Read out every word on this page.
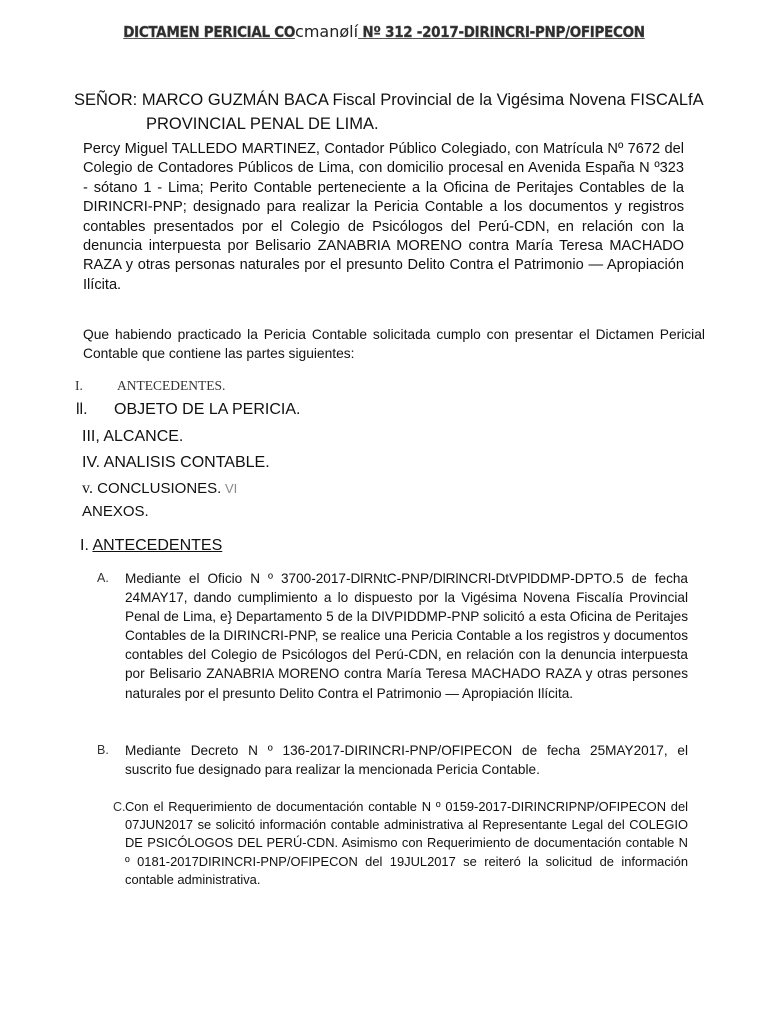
DICTAMEN PERICIAL COcmanølí Nº 312 -2017-DIRINCRI-PNP/OFIPECON
SEÑOR: MARCO GUZMÁN BACA Fiscal Provincial de la Vigésima Novena FISCALfA
PROVINCIAL PENAL DE LIMA.
Percy Miguel TALLEDO MARTINEZ, Contador Público Colegiado, con Matrícula Nº 7672 del Colegio de Contadores Públicos de Lima, con domicilio procesal en Avenida España N º323 - sótano 1 - Lima; Perito Contable perteneciente a la Oficina de Peritajes Contables de la DIRINCRI-PNP; designado para realizar la Pericia Contable a los documentos y registros contables presentados por el Colegio de Psicólogos del Perú-CDN, en relación con la denuncia interpuesta por Belisario ZANABRIA MORENO contra María Teresa MACHADO RAZA y otras personas naturales por el presunto Delito Contra el Patrimonio — Apropiación Ilícita.
Que habiendo practicado la Pericia Contable solicitada cumplo con presentar el Dictamen Pericial Contable que contiene las partes siguientes:
I.	ANTECEDENTES.
ll. OBJETO DE LA PERICIA.
III, ALCANCE.
IV. ANALISIS CONTABLE.
v. CONCLUSIONES. VI
ANEXOS.
I. ANTECEDENTES
A. Mediante el Oficio N º 3700-2017-DlRNtC-PNP/DlRlNCRl-DtVPlDDMP-DPTO.5 de fecha 24MAY17, dando cumplimiento a lo dispuesto por la Vigésima Novena Fiscalía Provincial Penal de Lima, e} Departamento 5 de la DIVPIDDMP-PNP solicitó a esta Oficina de Peritajes Contables de la DIRINCRI-PNP, se realice una Pericia Contable a los registros y documentos contables del Colegio de Psicólogos del Perú-CDN, en relación con la denuncia interpuesta por Belisario ZANABRIA MORENO contra María Teresa MACHADO RAZA y otras persones naturales por el presunto Delito Contra el Patrimonio — Apropiación Ilícita.
B. Mediante Decreto N º 136-2017-DIRINCRI-PNP/OFIPECON de fecha 25MAY2017, el suscrito fue designado para realizar la mencionada Pericia Contable.
C. Con el Requerimiento de documentación contable N º 0159-2017-DIRINCRIPNP/OFIPECON del 07JUN2017 se solicitó información contable administrativa al Representante Legal del COLEGIO DE PSICÓLOGOS DEL PERÚ-CDN. Asimismo con Requerimiento de documentación contable N º 0181-2017DIRINCRI-PNP/OFIPECON del 19JUL2017 se reiteró la solicitud de información contable administrativa.
